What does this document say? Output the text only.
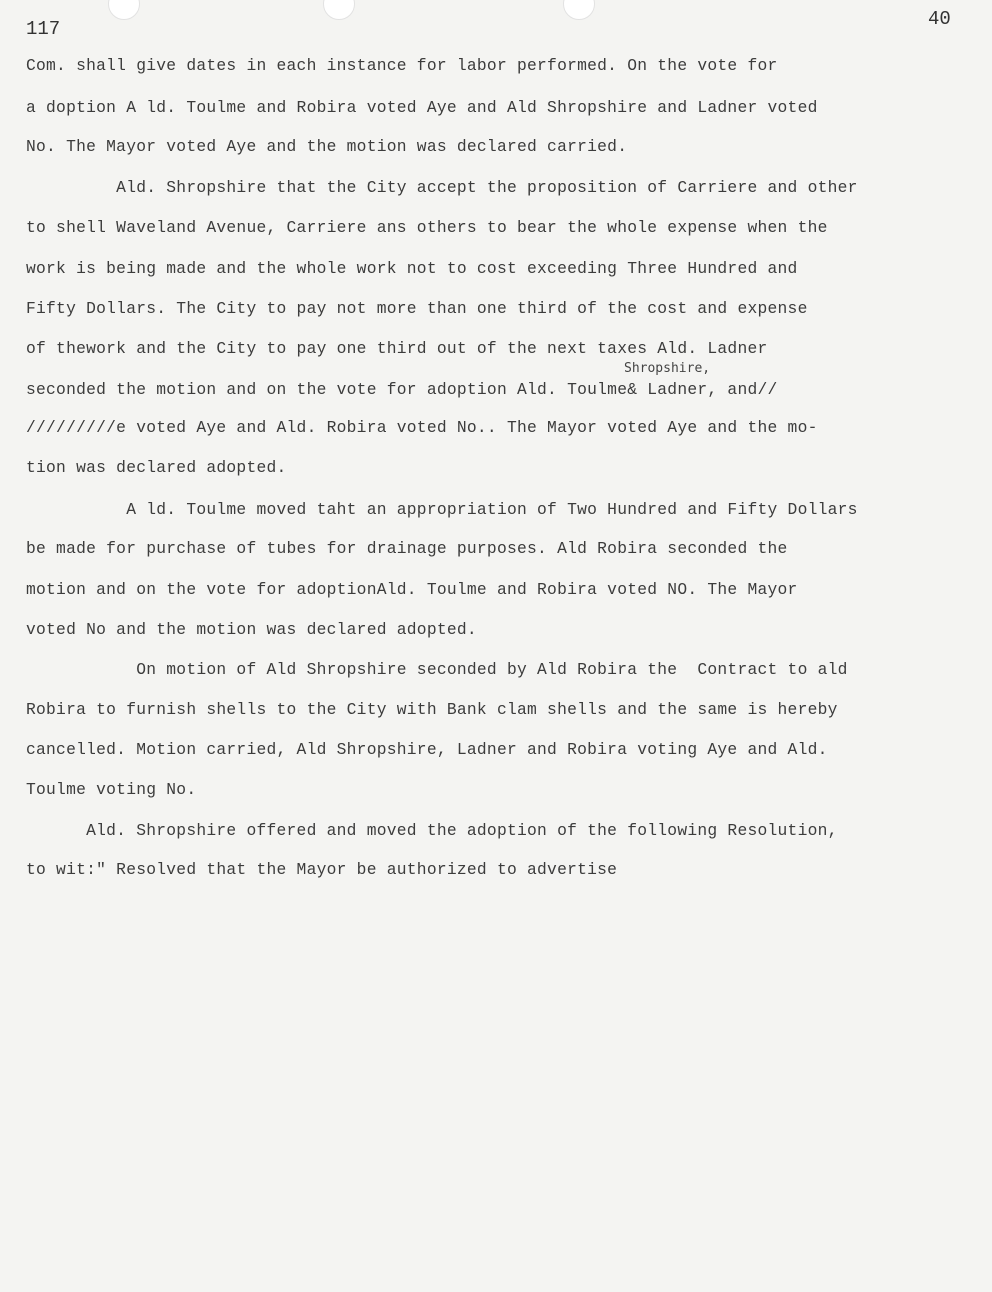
117	40
Com. shall give dates in each instance for labor performed. On the vote for
a doption A ld. Toulme and Robira voted Aye and Ald Shropshire and Ladner voted
No. The Mayor voted Aye and the motion was declared carried.
Ald. Shropshire that the City accept the proposition of Carriere and other
to shell Waveland Avenue, Carriere ans others to bear the whole expense when the
work is being made and the whole work not to cost exceeding Three Hundred and
Fifty Dollars. The City to pay not more than one third of the cost and expense
of thework and the City to pay one third out of the next taxes Ald. Ladner
Shropshire,
seconded the motion and on the vote for adoption Ald. Toulme& Ladner, and//
/////////e voted Aye and Ald. Robira voted No.. The Mayor voted Aye and the mo-
tion was declared adopted.
A ld. Toulme moved taht an appropriation of Two Hundred and Fifty Dollars
be made for purchase of tubes for drainage purposes. Ald Robira seconded the
motion and on the vote for adoptionAld. Toulme and Robira voted NO. The Mayor
voted No and the motion was declared adopted.
On motion of Ald Shropshire seconded by Ald Robira the  Contract to ald
Robira to furnish shells to the City with Bank clam shells and the same is hereby
cancelled. Motion carried, Ald Shropshire, Ladner and Robira voting Aye and Ald.
Toulme voting No.
Ald. Shropshire offered and moved the adoption of the following Resolution,
to wit:" Resolved that the Mayor be authorized to advertise
